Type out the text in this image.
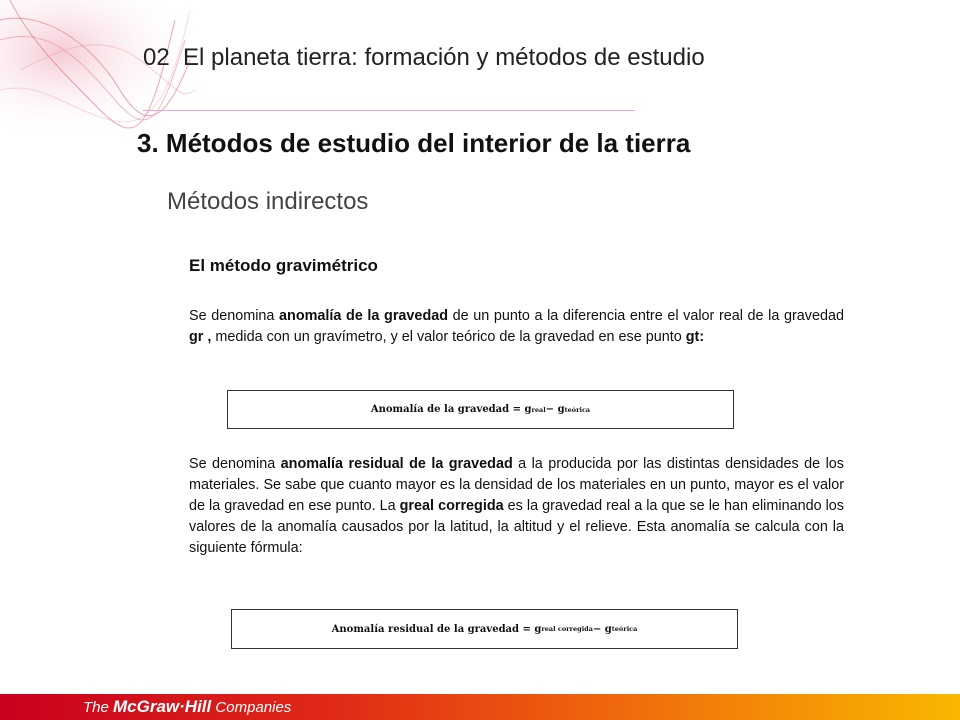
02 El planeta tierra: formación y métodos de estudio
3. Métodos de estudio del interior de la tierra
Métodos indirectos
El método gravimétrico
Se denomina anomalía de la gravedad de un punto a la diferencia entre el valor real de la gravedad gr , medida con un gravímetro, y el valor teórico de la gravedad en ese punto gt:
Anomalía de la gravedad = g real − g teórica
Se denomina anomalía residual de la gravedad a la producida por las distintas densidades de los materiales. Se sabe que cuanto mayor es la densidad de los materiales en un punto, mayor es el valor de la gravedad en ese punto. La greal corregida es la gravedad real a la que se le han eliminando los valores de la anomalía causados por la latitud, la altitud y el relieve. Esta anomalía se calcula con la siguiente fórmula:
Anomalía residual de la gravedad = g real corregida − g teórica
The McGraw·Hill Companies
